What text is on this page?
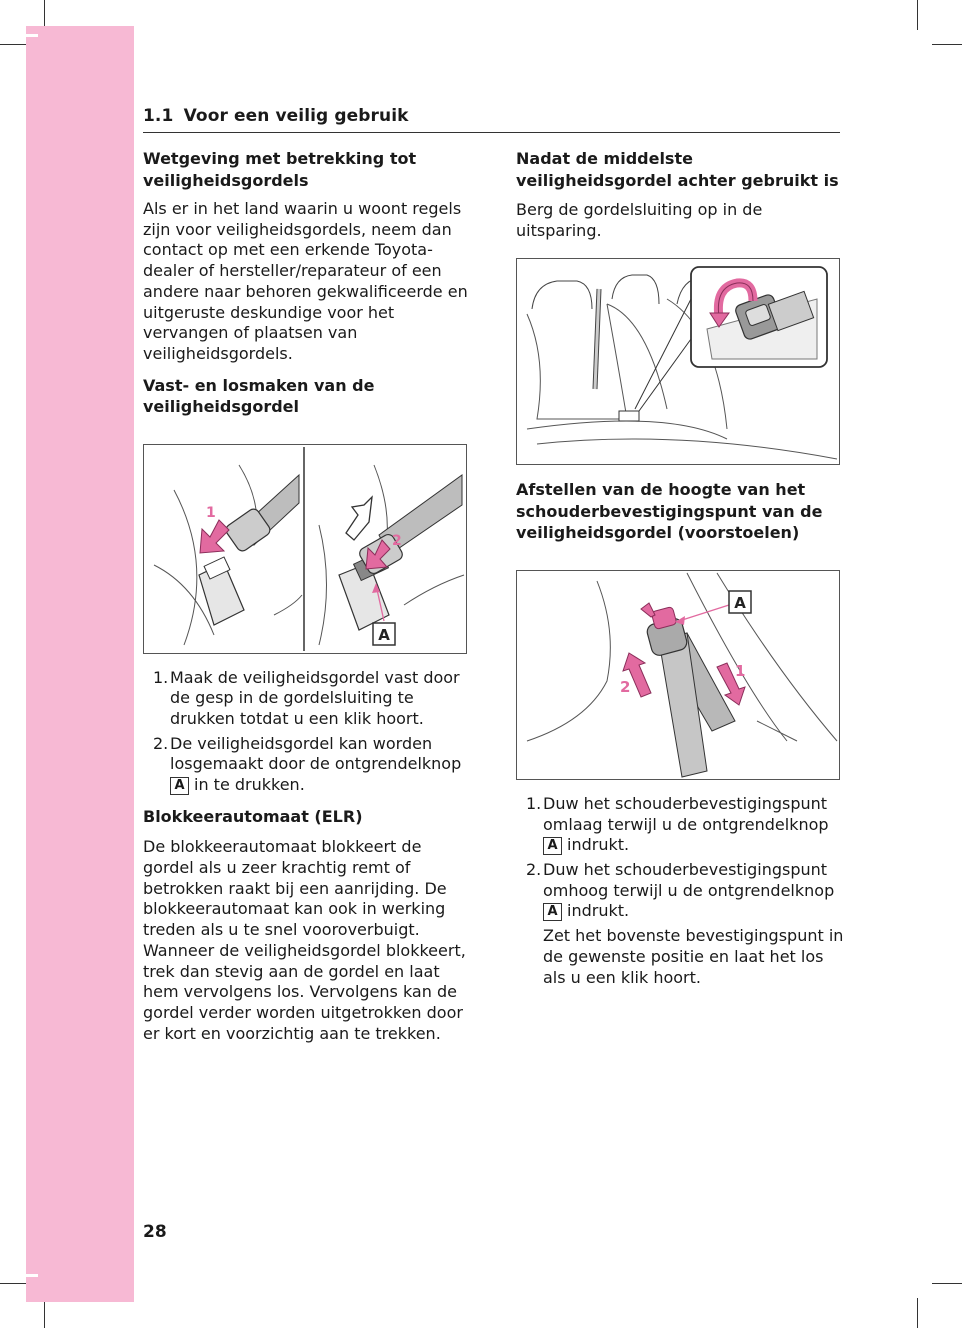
1.1 Voor een veilig gebruik
Wetgeving met betrekking tot veiligheidsgordels

Als er in het land waarin u woont regels zijn voor veiligheidsgordels, neem dan contact op met een erkende Toyota-dealer of hersteller/reparateur of een andere naar behoren gekwalificeerde en uitgeruste deskundige voor het vervangen of plaatsen van veiligheidsgordels.

Vast- en losmaken van de veiligheidsgordel
1
2
A
1. Maak de veiligheidsgordel vast door de gesp in de gordelsluiting te drukken totdat u een klik hoort.
2. De veiligheidsgordel kan worden losgemaakt door de ontgrendelknop A in te drukken.
Blokkeerautomaat (ELR)

De blokkeerautomaat blokkeert de gordel als u zeer krachtig remt of betrokken raakt bij een aanrijding. De blokkeerautomaat kan ook in werking treden als u te snel vooroverbuigt. Wanneer de veiligheidsgordel blokkeert, trek dan stevig aan de gordel en laat hem vervolgens los. Vervolgens kan de gordel verder worden uitgetrokken door er kort en voorzichtig aan te trekken.

Nadat de middelste veiligheidsgordel achter gebruikt is

Berg de gordelsluiting op in de uitsparing.

Afstellen van de hoogte van het schouderbevestigingspunt van de veiligheidsgordel (voorstoelen)
A
2
1
1. Duw het schouderbevestigingspunt omlaag terwijl u de ontgrendelknop
A indrukt.
2. Duw het schouderbevestigingspunt omhoog terwijl u de ontgrendelknop
A indrukt.

Zet het bovenste bevestigingspunt in de gewenste positie en laat het los als u een klik hoort.

28
